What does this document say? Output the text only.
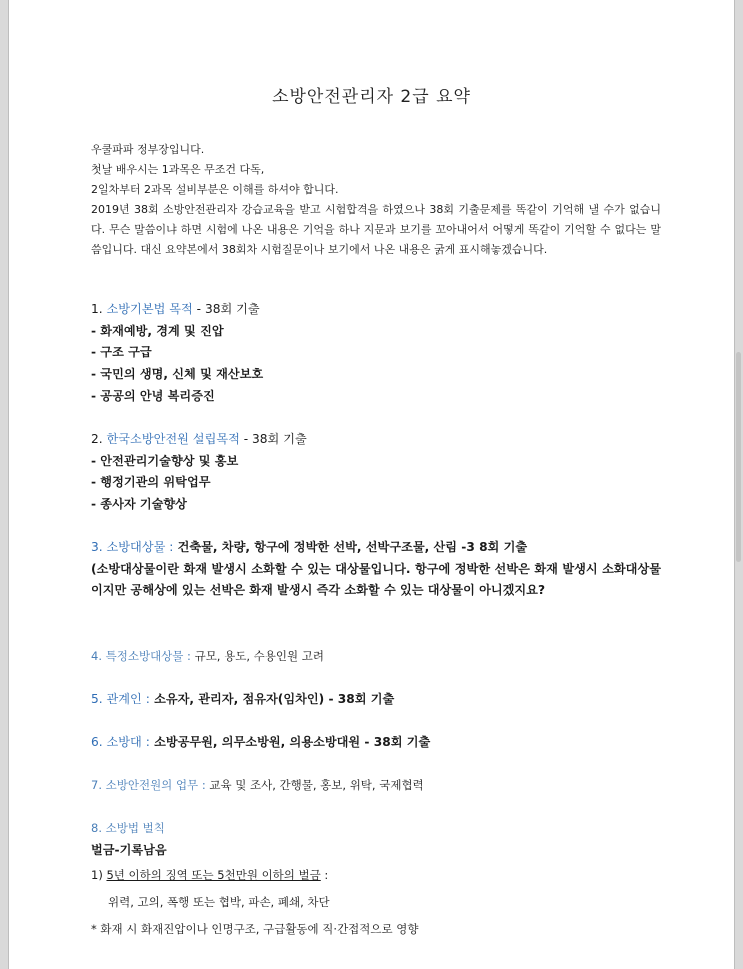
소방안전관리자 2급 요약

우쿨파파 정부장입니다.

첫날 배우시는 1과목은 무조건 다독,

2일차부터 2과목 설비부분은 이해를 하셔야 합니다.

2019년 38회 소방안전관리자 강습교육을 받고 시험합격을 하였으나 38회 기출문제를 똑같이 기억해 낼 수가 없습니다. 무슨 말씀이냐 하면 시험에 나온 내용은 기억을 하나 지문과 보기를 꼬아내어서 어떻게 똑같이 기억할 수 없다는 말씀입니다. 대신 요약본에서 38회차 시험질문이나 보기에서 나온 내용은 굵게 표시해놓겠습니다.

1. 소방기본법 목적 - 38회 기출

- 화재예방, 경계 및 진압

- 구조 구급

- 국민의 생명, 신체 및 재산보호

- 공공의 안녕 복리증진

2. 한국소방안전원 설립목적 - 38회 기출

- 안전관리기술향상 및 홍보

- 행정기관의 위탁업무

- 종사자 기술향상

3. 소방대상물 : 건축물, 차량, 항구에 정박한 선박, 선박구조물, 산림 -3 8회 기출

(소방대상물이란 화재 발생시 소화할 수 있는 대상물입니다. 항구에 정박한 선박은 화재 발생시 소화대상물이지만 공해상에 있는 선박은 화재 발생시 즉각 소화할 수 있는 대상물이 아니겠지요?

4. 특정소방대상물 : 규모, 용도, 수용인원 고려

5. 관계인 : 소유자, 관리자, 점유자(임차인) - 38회 기출

6. 소방대 : 소방공무원, 의무소방원, 의용소방대원 - 38회 기출

7. 소방안전원의 업무 : 교육 및 조사, 간행물, 홍보, 위탁, 국제협력

8. 소방법 벌칙

벌금-기록남음

1) 5년 이하의 징역 또는 5천만원 이하의 벌금 :

위력, 고의, 폭행 또는 협박, 파손, 폐쇄, 차단

* 화재 시 화재진압이나 인명구조, 구급활동에 직·간접적으로 영향
